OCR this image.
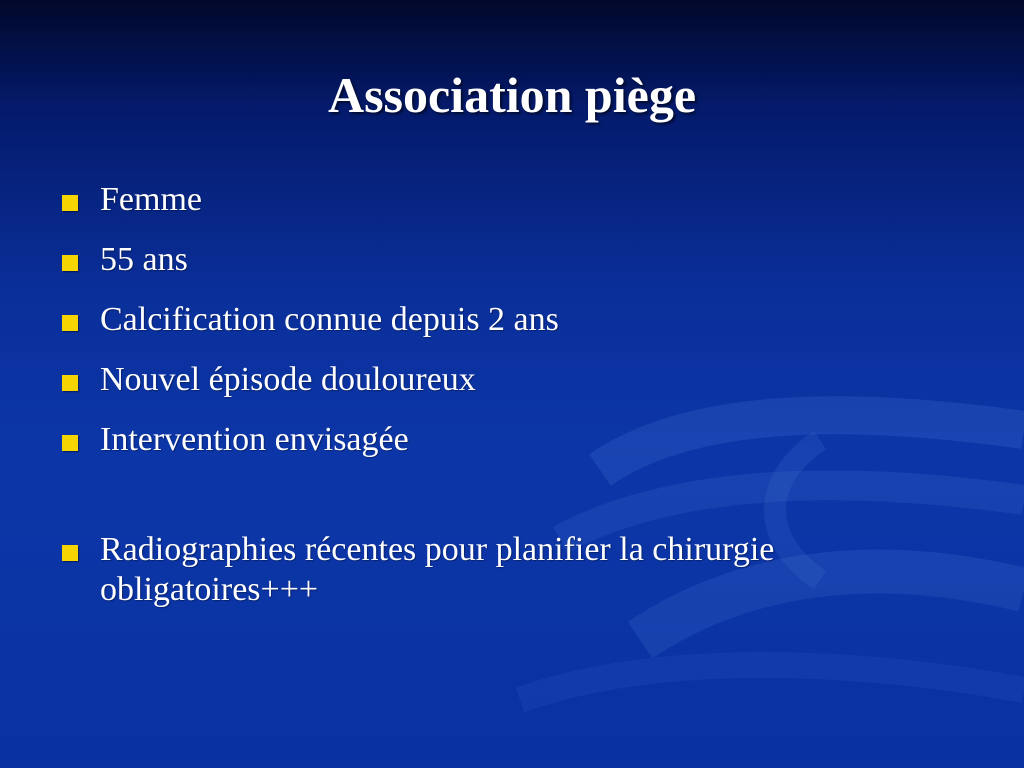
Association piège
Femme
55 ans
Calcification connue depuis 2 ans
Nouvel épisode douloureux
Intervention envisagée
Radiographies récentes pour planifier la chirurgie obligatoires+++
